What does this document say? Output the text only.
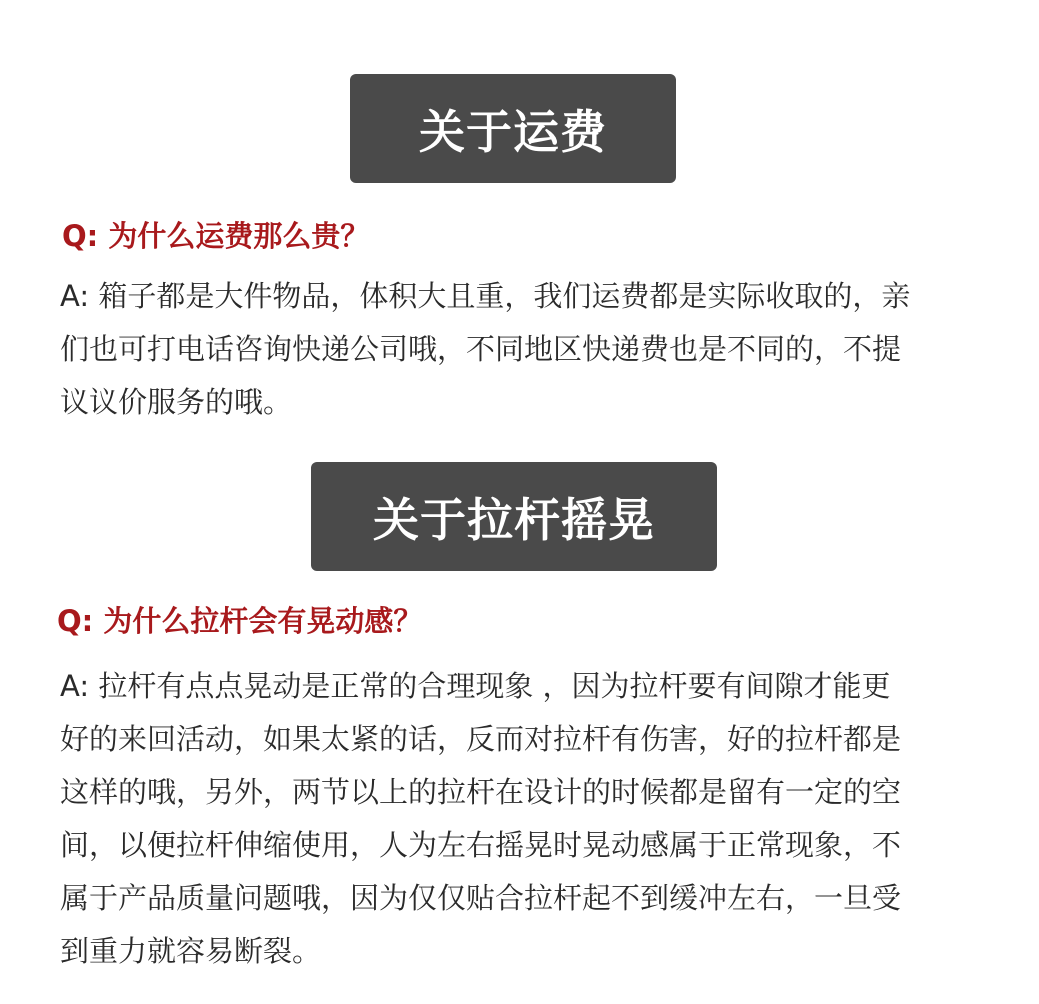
关于运费
Q: 为什么运费那么贵？
A: 箱子都是大件物品，体积大且重，我们运费都是实际收取的，亲
们也可打电话咨询快递公司哦，不同地区快递费也是不同的，不提
议议价服务的哦。
关于拉杆摇晃
Q: 为什么拉杆会有晃动感？
A: 拉杆有点点晃动是正常的合理现象 ，因为拉杆要有间隙才能更
好的来回活动，如果太紧的话，反而对拉杆有伤害，好的拉杆都是
这样的哦，另外，两节以上的拉杆在设计的时候都是留有一定的空
间，以便拉杆伸缩使用，人为左右摇晃时晃动感属于正常现象，不
属于产品质量问题哦，因为仅仅贴合拉杆起不到缓冲左右，一旦受
到重力就容易断裂。
